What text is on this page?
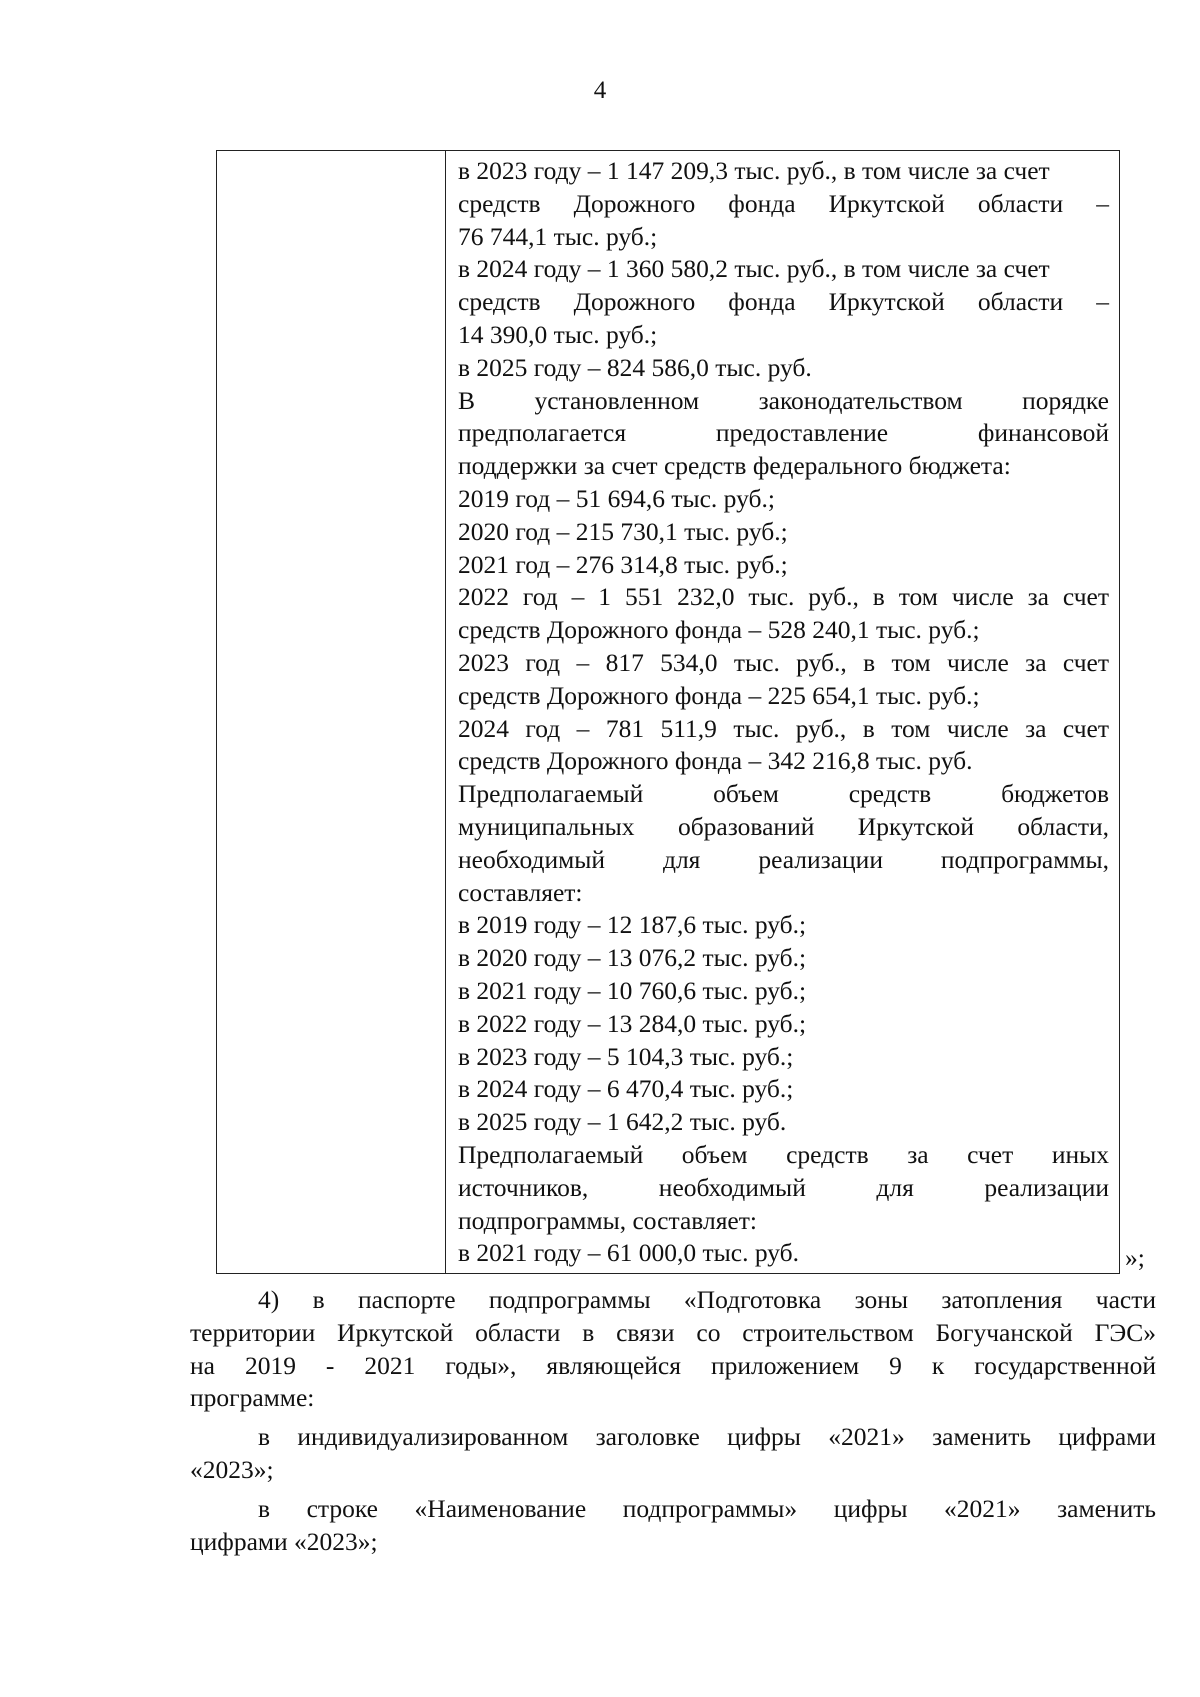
4
в 2023 году – 1 147 209,3 тыс. руб., в том числе за счет
средств Дорожного фонда Иркутской области –
76 744,1 тыс. руб.;
в 2024 году – 1 360 580,2 тыс. руб., в том числе за счет
средств Дорожного фонда Иркутской области –
14 390,0 тыс. руб.;
в 2025 году – 824 586,0 тыс. руб.
В установленном законодательством порядке
предполагается предоставление финансовой
поддержки за счет средств федерального бюджета:
2019 год – 51 694,6 тыс. руб.;
2020 год – 215 730,1 тыс. руб.;
2021 год – 276 314,8 тыс. руб.;
2022 год – 1 551 232,0 тыс. руб., в том числе за счет
средств Дорожного фонда – 528 240,1 тыс. руб.;
2023 год – 817 534,0 тыс. руб., в том числе за счет
средств Дорожного фонда – 225 654,1 тыс. руб.;
2024 год – 781 511,9 тыс. руб., в том числе за счет
средств Дорожного фонда – 342 216,8 тыс. руб.
Предполагаемый объем средств бюджетов
муниципальных образований Иркутской области,
необходимый для реализации подпрограммы,
составляет:
в 2019 году – 12 187,6 тыс. руб.;
в 2020 году – 13 076,2 тыс. руб.;
в 2021 году – 10 760,6 тыс. руб.;
в 2022 году – 13 284,0 тыс. руб.;
в 2023 году – 5 104,3 тыс. руб.;
в 2024 году – 6 470,4 тыс. руб.;
в 2025 году – 1 642,2 тыс. руб.
Предполагаемый объем средств за счет иных
источников, необходимый для реализации
подпрограммы, составляет:
в 2021 году – 61 000,0 тыс. руб.	»;
4) в паспорте подпрограммы «Подготовка зоны затопления части
территории Иркутской области в связи со строительством Богучанской ГЭС»
на 2019 - 2021 годы», являющейся приложением 9 к государственной
программе:
в индивидуализированном заголовке цифры «2021» заменить цифрами
«2023»;
в строке «Наименование подпрограммы» цифры «2021» заменить
цифрами «2023»;
